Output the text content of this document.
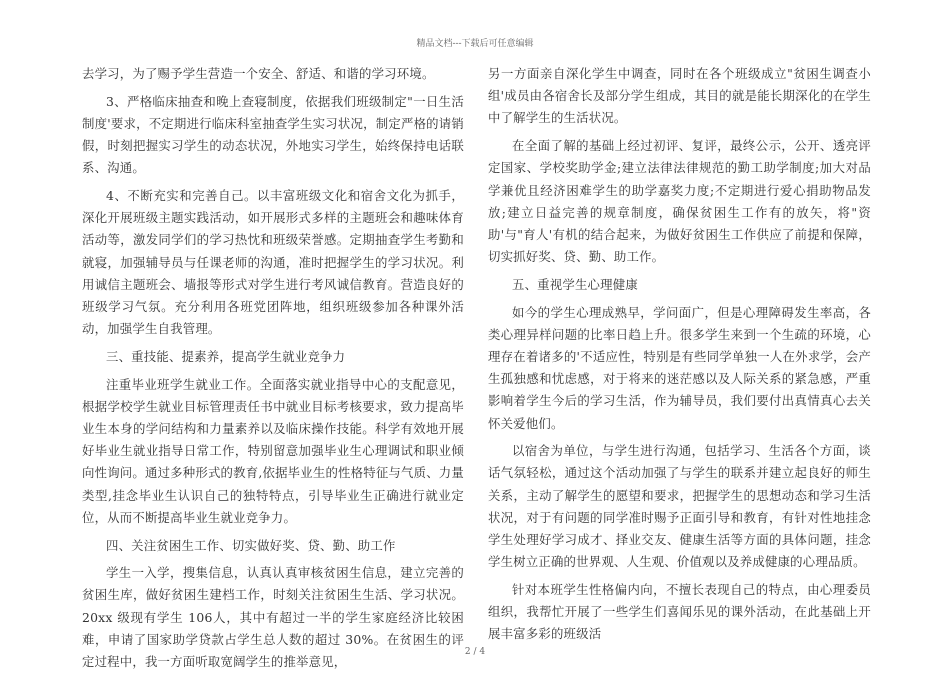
精品文档---下载后可任意编辑

去学习，为了赐予学生营造一个安全、舒适、和谐的学习环境。

3、严格临床抽查和晚上查寝制度，依据我们班级制定"一日生活制度'要求，不定期进行临床科室抽查学生实习状况，制定严格的请销假，时刻把握实习学生的动态状况，外地实习学生，始终保持电话联系、沟通。

4、不断充实和完善自己。以丰富班级文化和宿舍文化为抓手，深化开展班级主题实践活动，如开展形式多样的主题班会和趣味体育活动等，激发同学们的学习热忱和班级荣誉感。定期抽查学生考勤和就寝，加强辅导员与任课老师的沟通，准时把握学生的学习状况。利用诚信主题班会、墙报等形式对学生进行考风诚信教育。营造良好的班级学习气氛。充分利用各班党团阵地，组织班级参加各种课外活动，加强学生自我管理。

三、重技能、提素养，提高学生就业竞争力

注重毕业班学生就业工作。全面落实就业指导中心的支配意见，根据学校学生就业目标管理责任书中就业目标考核要求，致力提高毕业生本身的学问结构和力量素养以及临床操作技能。科学有效地开展好毕业生就业指导日常工作，特别留意加强毕业生心理调试和职业倾向性询问。通过多种形式的教育,依据毕业生的性格特征与气质、力量类型,挂念毕业生认识自己的独特特点，引导毕业生正确进行就业定位，从而不断提高毕业生就业竞争力。

四、关注贫困生工作、切实做好奖、贷、勤、助工作

学生一入学，搜集信息，认真认真审核贫困生信息，建立完善的贫困生库，做好贫困生建档工作，时刻关注贫困生生活、学习状况。20xx 级现有学生 106人，其中有超过一半的学生家庭经济比较困难，申请了国家助学贷款占学生总人数的超过 30%。在贫困生的评定过程中，我一方面听取宽阔学生的推举意见，

另一方面亲自深化学生中调查，同时在各个班级成立"贫困生调查小组'成员由各宿舍长及部分学生组成，其目的就是能长期深化的在学生中了解学生的生活状况。

在全面了解的基础上经过初评、复评，最终公示，公开、透亮评定国家、学校奖助学金;建立法律法律规范的勤工助学制度;加大对品学兼优且经济困难学生的助学嘉奖力度;不定期进行爱心捐助物品发放;建立日益完善的规章制度，确保贫困生工作有的放矢，将"资助'与"育人'有机的结合起来，为做好贫困生工作供应了前提和保障，切实抓好奖、贷、勤、助工作。

五、重视学生心理健康

如今的学生心理成熟早，学问面广，但是心理障碍发生率高，各类心理异样问题的比率日趋上升。很多学生来到一个生疏的环境，心理存在着诸多的'不适应性，特别是有些同学单独一人在外求学，会产生孤独感和忧虑感，对于将来的迷茫感以及人际关系的紧急感，严重影响着学生今后的学习生活，作为辅导员，我们要付出真情真心去关怀关爱他们。

以宿舍为单位，与学生进行沟通，包括学习、生活各个方面，谈话气氛轻松，通过这个活动加强了与学生的联系并建立起良好的师生关系，主动了解学生的愿望和要求，把握学生的思想动态和学习生活状况，对于有问题的同学准时赐予正面引导和教育，有针对性地挂念学生处理好学习成才、择业交友、健康生活等方面的具体问题，挂念学生树立正确的世界观、人生观、价值观以及养成健康的心理品质。

针对本班学生性格偏内向，不擅长表现自己的特点，由心理委员组织，我帮忙开展了一些学生们喜闻乐见的课外活动，在此基础上开展丰富多彩的班级活

2 / 4
